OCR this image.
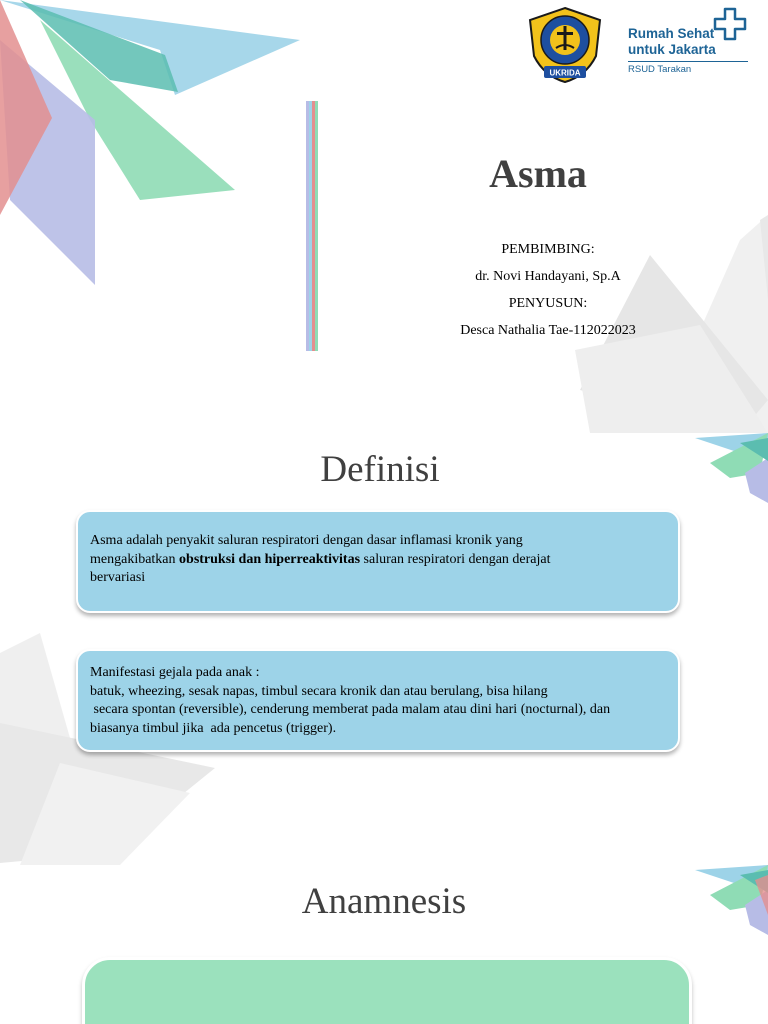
UKRIDA
Rumah Sehat
untuk Jakarta
RSUD Tarakan
Asma
PEMBIMBING:
dr. Novi Handayani, Sp.A
PENYUSUN:
Desca Nathalia Tae-112022023
Definisi

Asma adalah penyakit saluran respiratori dengan dasar inflamasi kronik yang

mengakibatkan obstruksi dan hiperreaktivitas saluran respiratori dengan derajat

bervariasi

Manifestasi gejala pada anak :

batuk, wheezing, sesak napas, timbul secara kronik dan atau berulang, bisa hilang

secara spontan (reversible), cenderung memberat pada malam atau dini hari (nocturnal), dan

biasanya timbul jika  ada pencetus (trigger).

Anamnesis
